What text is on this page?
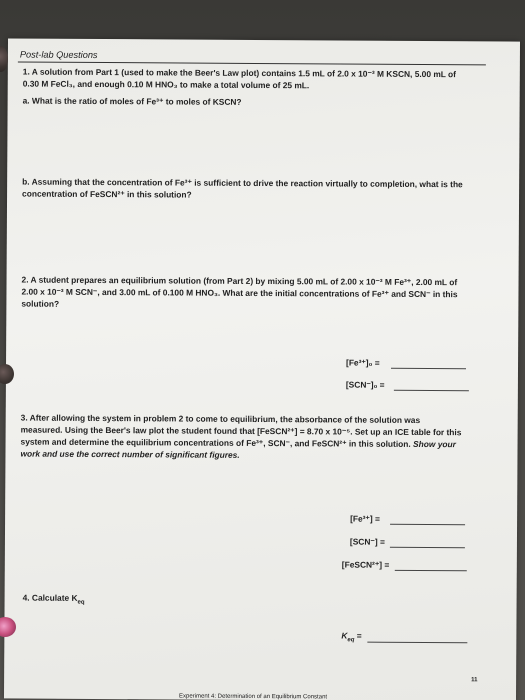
Post-lab Questions
1. A solution from Part 1 (used to make the Beer's Law plot) contains 1.5 mL of 2.0 x 10⁻³ M KSCN, 5.00 mL of
0.30 M FeCl₃, and enough 0.10 M HNO₃ to make a total volume of 25 mL.
a. What is the ratio of moles of Fe³⁺ to moles of KSCN?
b. Assuming that the concentration of Fe³⁺ is sufficient to drive the reaction virtually to completion, what is the
concentration of FeSCN²⁺ in this solution?
2. A student prepares an equilibrium solution (from Part 2) by mixing 5.00 mL of 2.00 x 10⁻³ M Fe³⁺, 2.00 mL of
2.00 x 10⁻³ M SCN⁻, and 3.00 mL of 0.100 M HNO₃. What are the initial concentrations of Fe³⁺ and SCN⁻ in this
solution?
[Fe³⁺]₀ =
[SCN⁻]₀ =
3. After allowing the system in problem 2 to come to equilibrium, the absorbance of the solution was
measured. Using the Beer's law plot the student found that [FeSCN²⁺] = 8.70 x 10⁻⁵. Set up an ICE table for this
system and determine the equilibrium concentrations of Fe³⁺, SCN⁻, and FeSCN²⁺ in this solution. Show your
work and use the correct number of significant figures.
[Fe³⁺] =
[SCN⁻] =
[FeSCN²⁺] =
4. Calculate $K_{eq}$
$K_{eq}$ =
11
Experiment 4: Determination of an Equilibrium Constant
